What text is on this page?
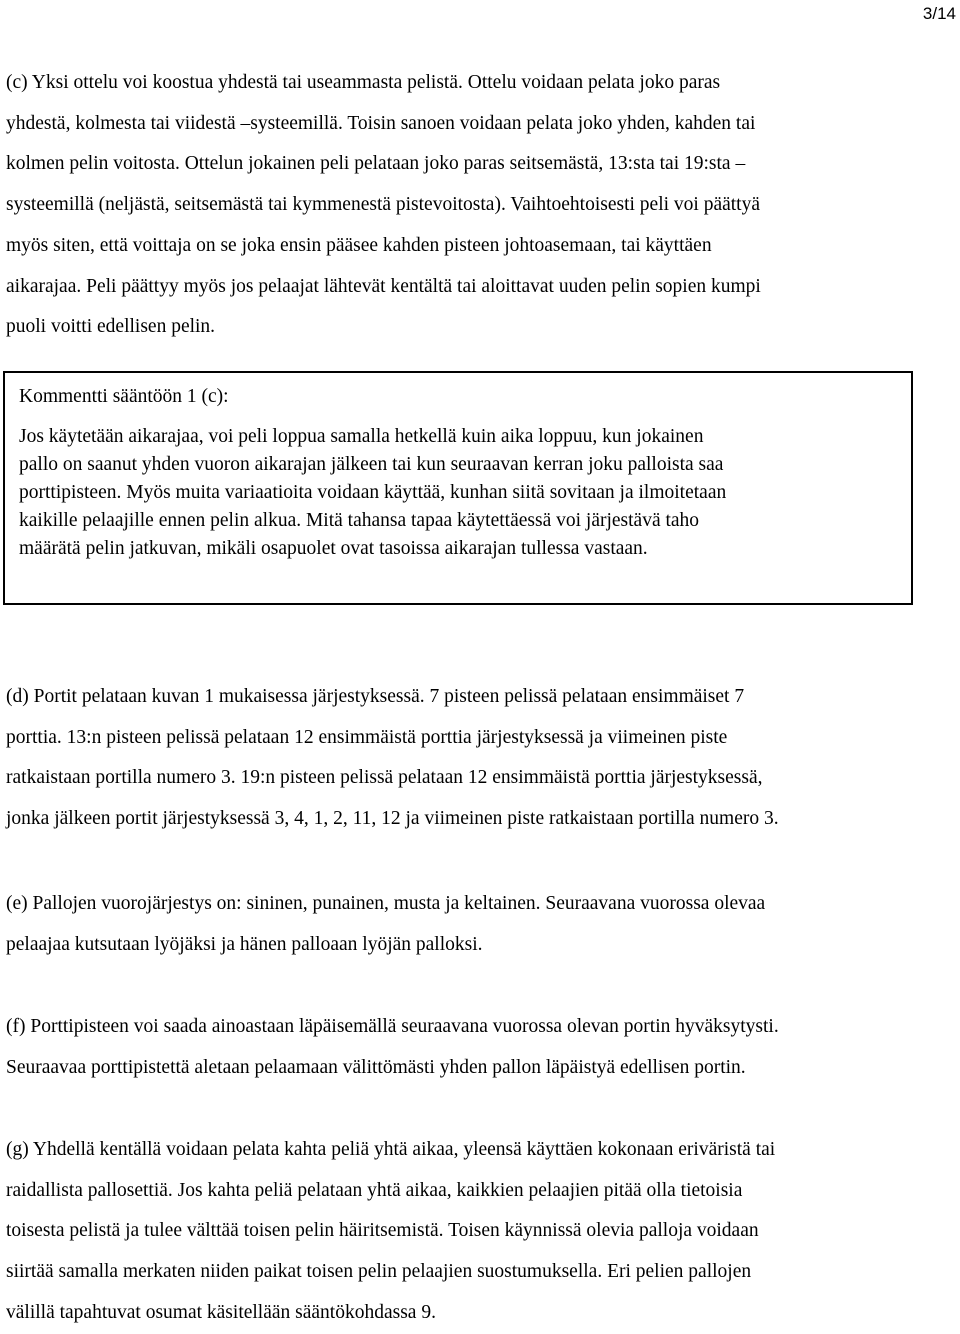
3/14

(c) Yksi ottelu voi koostua yhdestä tai useammasta pelistä. Ottelu voidaan pelata joko paras
yhdestä, kolmesta tai viidestä –systeemillä. Toisin sanoen voidaan pelata joko yhden, kahden tai
kolmen pelin voitosta. Ottelun jokainen peli pelataan joko paras seitsemästä, 13:sta tai 19:sta –
systeemillä (neljästä, seitsemästä tai kymmenestä pistevoitosta). Vaihtoehtoisesti peli voi päättyä
myös siten, että voittaja on se joka ensin pääsee kahden pisteen johtoasemaan, tai käyttäen
aikarajaa. Peli päättyy myös jos pelaajat lähtevät kentältä tai aloittavat uuden pelin sopien kumpi
puoli voitti edellisen pelin.

Kommentti sääntöön 1 (c):

Jos käytetään aikarajaa, voi peli loppua samalla hetkellä kuin aika loppuu, kun jokainen
pallo on saanut yhden vuoron aikarajan jälkeen tai kun seuraavan kerran joku palloista saa
porttipisteen. Myös muita variaatioita voidaan käyttää, kunhan siitä sovitaan ja ilmoitetaan
kaikille pelaajille ennen pelin alkua. Mitä tahansa tapaa käytettäessä voi järjestävä taho
määrätä pelin jatkuvan, mikäli osapuolet ovat tasoissa aikarajan tullessa vastaan.

(d) Portit pelataan kuvan 1 mukaisessa järjestyksessä. 7 pisteen pelissä pelataan ensimmäiset 7
porttia. 13:n pisteen pelissä pelataan 12 ensimmäistä porttia järjestyksessä ja viimeinen piste
ratkaistaan portilla numero 3. 19:n pisteen pelissä pelataan 12 ensimmäistä porttia järjestyksessä,
jonka jälkeen portit järjestyksessä 3, 4, 1, 2, 11, 12 ja viimeinen piste ratkaistaan portilla numero 3.

(e) Pallojen vuorojärjestys on: sininen, punainen, musta ja keltainen. Seuraavana vuorossa olevaa
pelaajaa kutsutaan lyöjäksi ja hänen palloaan lyöjän palloksi.

(f) Porttipisteen voi saada ainoastaan läpäisemällä seuraavana vuorossa olevan portin hyväksytysti.
Seuraavaa porttipistettä aletaan pelaamaan välittömästi yhden pallon läpäistyä edellisen portin.

(g) Yhdellä kentällä voidaan pelata kahta peliä yhtä aikaa, yleensä käyttäen kokonaan eriväristä tai
raidallista pallosettiä. Jos kahta peliä pelataan yhtä aikaa, kaikkien pelaajien pitää olla tietoisia
toisesta pelistä ja tulee välttää toisen pelin häiritsemistä. Toisen käynnissä olevia palloja voidaan
siirtää samalla merkaten niiden paikat toisen pelin pelaajien suostumuksella. Eri pelien pallojen
välillä tapahtuvat osumat käsitellään sääntökohdassa 9.
